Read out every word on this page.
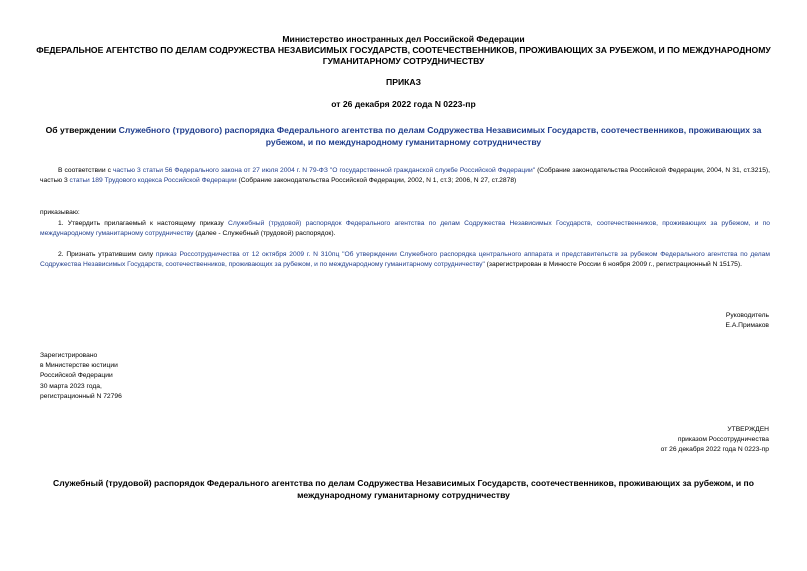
Министерство иностранных дел Российской Федерации
ФЕДЕРАЛЬНОЕ АГЕНТСТВО ПО ДЕЛАМ СОДРУЖЕСТВА НЕЗАВИСИМЫХ ГОСУДАРСТВ, СООТЕЧЕСТВЕННИКОВ, ПРОЖИВАЮЩИХ ЗА РУБЕЖОМ, И ПО МЕЖДУНАРОДНОМУ ГУМАНИТАРНОМУ СОТРУДНИЧЕСТВУ
ПРИКАЗ
от 26 декабря 2022 года N 0223-пр
Об утверждении Служебного (трудового) распорядка Федерального агентства по делам Содружества Независимых Государств, соотечественников, проживающих за рубежом, и по международному гуманитарному сотрудничеству
В соответствии с частью 3 статьи 56 Федерального закона от 27 июля 2004 г. N 79-ФЗ "О государственной гражданской службе Российской Федерации" (Собрание законодательства Российской Федерации, 2004, N 31, ст.3215), частью 3 статьи 189 Трудового кодекса Российской Федерации (Собрание законодательства Российской Федерации, 2002, N 1, ст.3; 2006, N 27, ст.2878)
приказываю:
1. Утвердить прилагаемый к настоящему приказу Служебный (трудовой) распорядок Федерального агентства по делам Содружества Независимых Государств, соотечественников, проживающих за рубежом, и по международному гуманитарному сотрудничеству (далее - Служебный (трудовой) распорядок).
2. Признать утратившим силу приказ Россотрудничества от 12 октября 2009 г. N 310пц "Об утверждении Служебного распорядка центрального аппарата и представительств за рубежом Федерального агентства по делам Содружества Независимых Государств, соотечественников, проживающих за рубежом, и по международному гуманитарному сотрудничеству" (зарегистрирован в Минюсте России 6 ноября 2009 г., регистрационный N 15175).
Руководитель
Е.А.Примаков
Зарегистрировано
в Министерстве юстиции
Российской Федерации
30 марта 2023 года,
регистрационный N 72796
УТВЕРЖДЕН
приказом Россотрудничества
от 26 декабря 2022 года N 0223-пр
Служебный (трудовой) распорядок Федерального агентства по делам Содружества Независимых Государств, соотечественников, проживающих за рубежом, и по международному гуманитарному сотрудничеству
